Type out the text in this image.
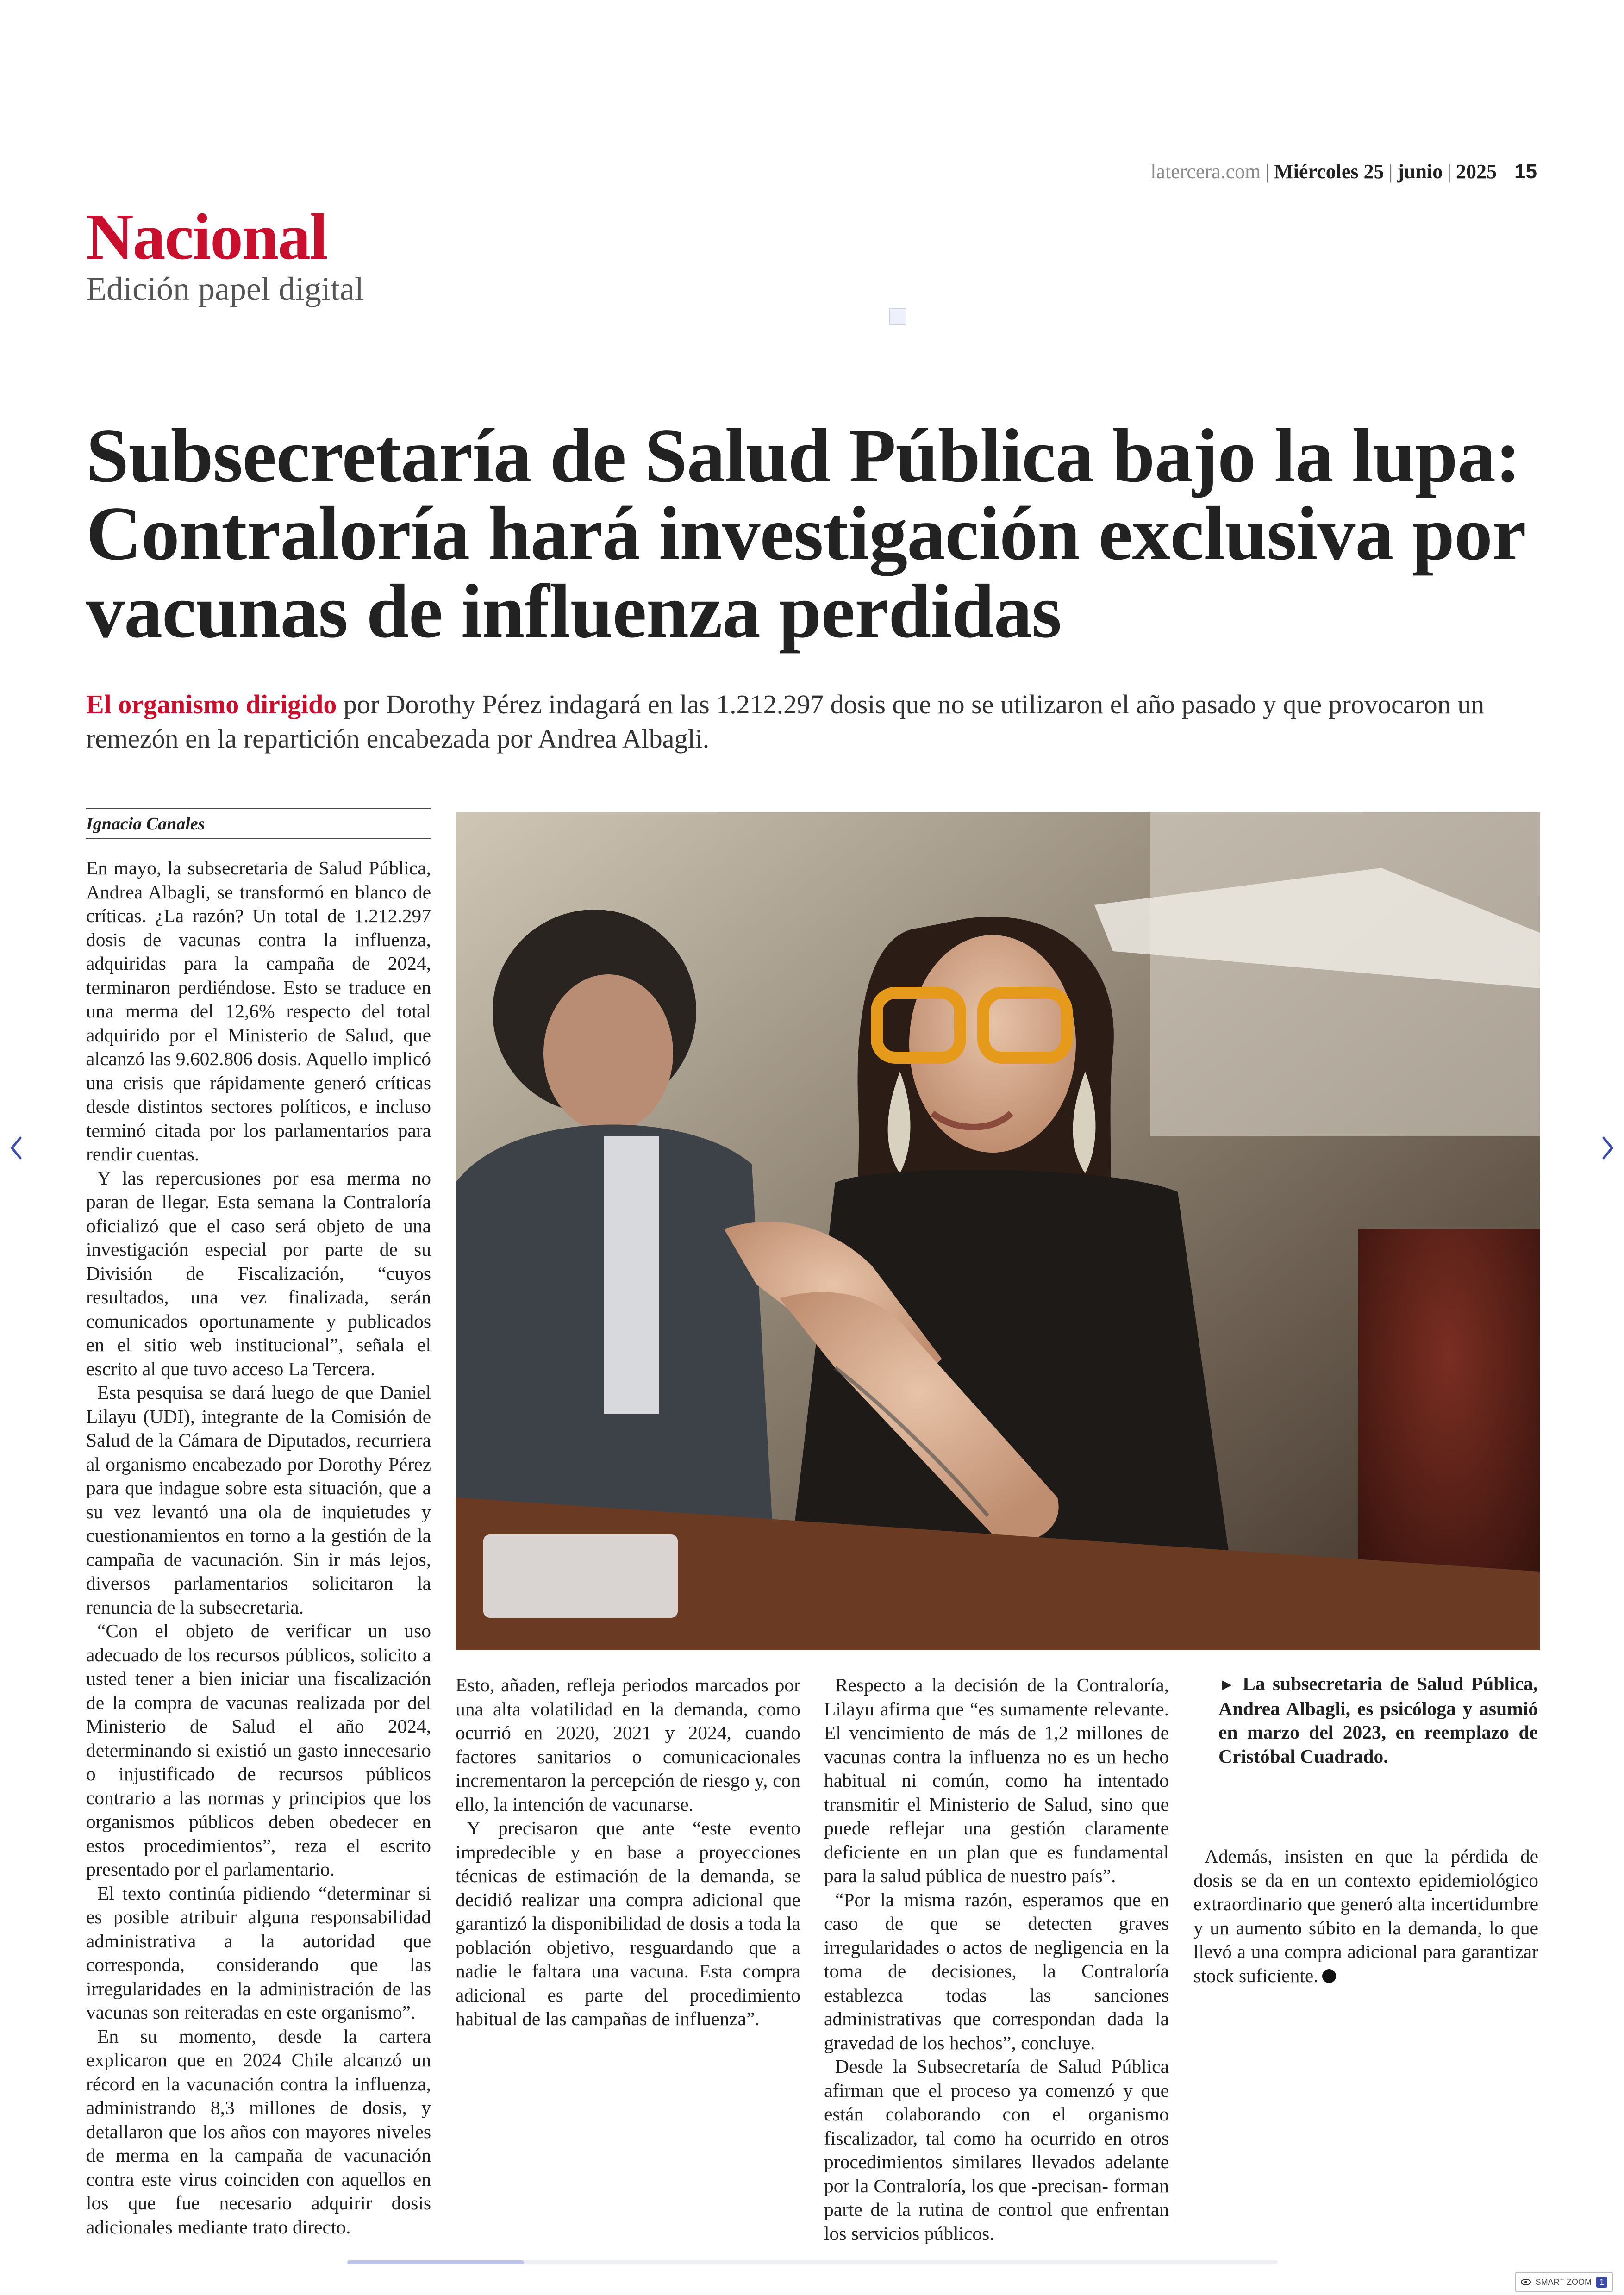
latercera.com | Miércoles 25 | junio | 2025 15
Nacional
Edición papel digital
Subsecretaría de Salud Pública bajo la lupa: Contraloría hará investigación exclusiva por vacunas de influenza perdidas

El organismo dirigido por Dorothy Pérez indagará en las 1.212.297 dosis que no se utilizaron el año pasado y que provocaron un remezón en la repartición encabezada por Andrea Albagli.

Ignacia Canales

En mayo, la subsecretaria de Salud Pública, Andrea Albagli, se transformó en blanco de críticas. ¿La razón? Un total de 1.212.297 dosis de vacunas contra la influenza, adquiridas para la campaña de 2024, terminaron perdiéndose. Esto se traduce en una merma del 12,6% respecto del total adquirido por el Ministerio de Salud, que alcanzó las 9.602.806 dosis. Aquello implicó una crisis que rápidamente generó críticas desde distintos sectores políticos, e incluso terminó citada por los parlamentarios para rendir cuentas.

Y las repercusiones por esa merma no paran de llegar. Esta semana la Contraloría oficializó que el caso será objeto de una investigación especial por parte de su División de Fiscalización, “cuyos resultados, una vez finalizada, serán comunicados oportunamente y publicados en el sitio web institucional”, señala el escrito al que tuvo acceso La Tercera.

Esta pesquisa se dará luego de que Daniel Lilayu (UDI), integrante de la Comisión de Salud de la Cámara de Diputados, recurriera al organismo encabezado por Dorothy Pérez para que indague sobre esta situación, que a su vez levantó una ola de inquietudes y cuestionamientos en torno a la gestión de la campaña de vacunación. Sin ir más lejos, diversos parlamentarios solicitaron la renuncia de la subsecretaria.

“Con el objeto de verificar un uso adecuado de los recursos públicos, solicito a usted tener a bien iniciar una fiscalización de la compra de vacunas realizada por del Ministerio de Salud el año 2024, determinando si existió un gasto innecesario o injustificado de recursos públicos contrario a las normas y principios que los organismos públicos deben obedecer en estos procedimientos”, reza el escrito presentado por el parlamentario.

El texto continúa pidiendo “determinar si es posible atribuir alguna responsabilidad administrativa a la autoridad que corresponda, considerando que las irregularidades en la administración de las vacunas son reiteradas en este organismo”.

En su momento, desde la cartera explicaron que en 2024 Chile alcanzó un récord en la vacunación contra la influenza, administrando 8,3 millones de dosis, y detallaron que los años con mayores niveles de merma en la campaña de vacunación contra este virus coinciden con aquellos en los que fue necesario adquirir dosis adicionales mediante trato directo.

Esto, añaden, refleja periodos marcados por una alta volatilidad en la demanda, como ocurrió en 2020, 2021 y 2024, cuando factores sanitarios o comunicacionales incrementaron la percepción de riesgo y, con ello, la intención de vacunarse.

Y precisaron que ante “este evento impredecible y en base a proyecciones técnicas de estimación de la demanda, se decidió realizar una compra adicional que garantizó la disponibilidad de dosis a toda la población objetivo, resguardando que a nadie le faltara una vacuna. Esta compra adicional es parte del procedimiento habitual de las campañas de influenza”.

Respecto a la decisión de la Contraloría, Lilayu afirma que “es sumamente relevante. El vencimiento de más de 1,2 millones de vacunas contra la influenza no es un hecho habitual ni común, como ha intentado transmitir el Ministerio de Salud, sino que puede reflejar una gestión claramente deficiente en un plan que es fundamental para la salud pública de nuestro país”.

“Por la misma razón, esperamos que en caso de que se detecten graves irregularidades o actos de negligencia en la toma de decisiones, la Contraloría establezca todas las sanciones administrativas que correspondan dada la gravedad de los hechos”, concluye.

Desde la Subsecretaría de Salud Pública afirman que el proceso ya comenzó y que están colaborando con el organismo fiscalizador, tal como ha ocurrido en otros procedimientos similares llevados adelante por la Contraloría, los que -precisan- forman parte de la rutina de control que enfrentan los servicios públicos.

► La subsecretaria de Salud Pública, Andrea Albagli, es psicóloga y asumió en marzo del 2023, en reemplazo de Cristóbal Cuadrado.

Además, insisten en que la pérdida de dosis se da en un contexto epidemiológico extraordinario que generó alta incertidumbre y un aumento súbito en la demanda, lo que llevó a una compra adicional para garantizar stock suficiente.

SMART ZOOM 1
